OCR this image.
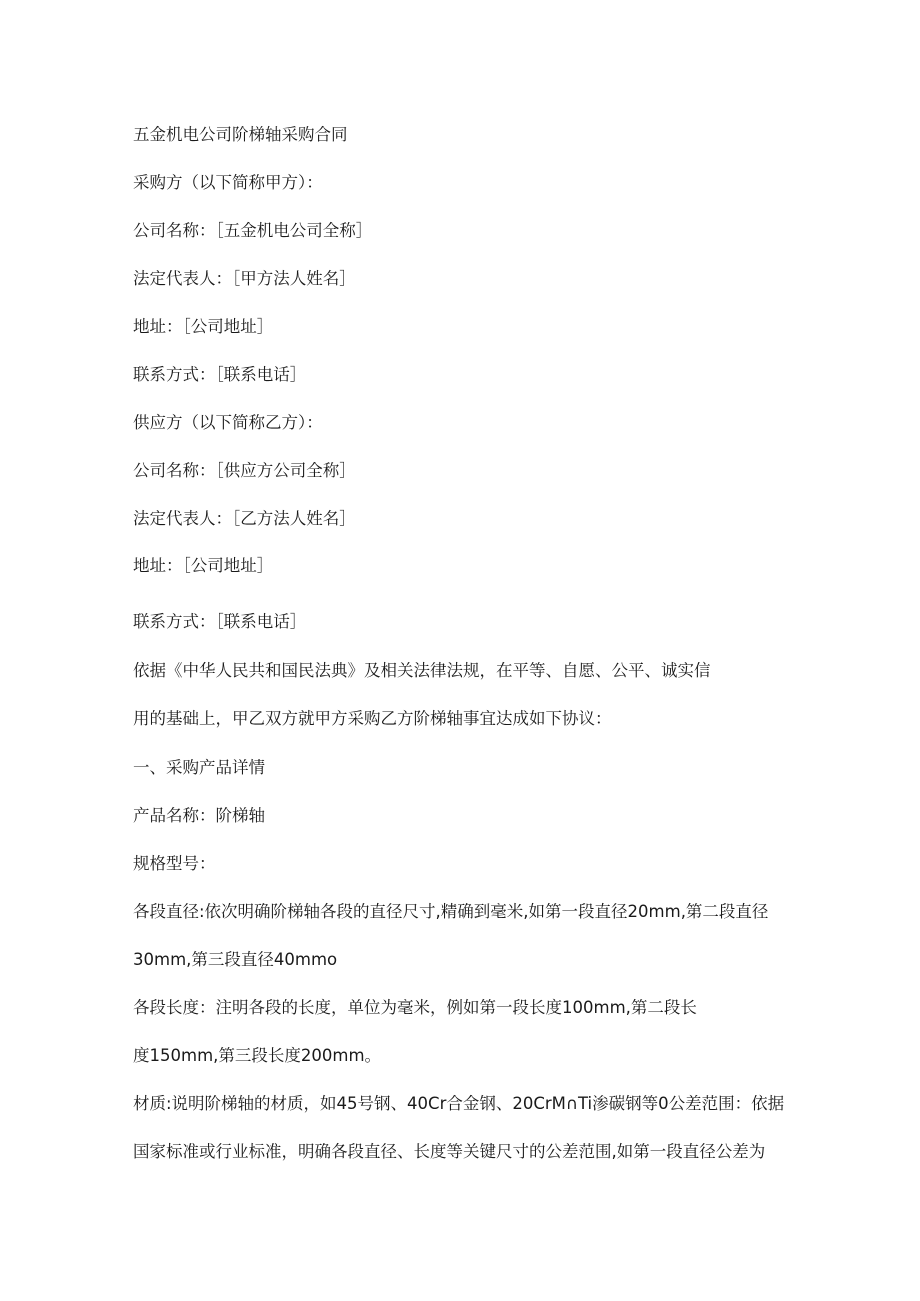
五金机电公司阶梯轴采购合同
采购方（以下简称甲方）：
公司名称：［五金机电公司全称］
法定代表人：［甲方法人姓名］
地址：［公司地址］
联系方式：［联系电话］
供应方（以下简称乙方）：
公司名称：［供应方公司全称］
法定代表人：［乙方法人姓名］
地址：［公司地址］
联系方式：［联系电话］
依据《中华人民共和国民法典》及相关法律法规，在平等、自愿、公平、诚实信
用的基础上，甲乙双方就甲方采购乙方阶梯轴事宜达成如下协议：
一、采购产品详情
产品名称：阶梯轴
规格型号：
各段直径:依次明确阶梯轴各段的直径尺寸,精确到毫米,如第一段直径20mm,第二段直径
30mm,第三段直径40mmo
各段长度：注明各段的长度，单位为毫米，例如第一段长度100mm,第二段长
度150mm,第三段长度200mm。
材质:说明阶梯轴的材质，如45号钢、40Cr合金钢、20CrM∩Ti渗碳钢等0公差范围：依据
国家标准或行业标准，明确各段直径、长度等关键尺寸的公差范围,如第一段直径公差为
